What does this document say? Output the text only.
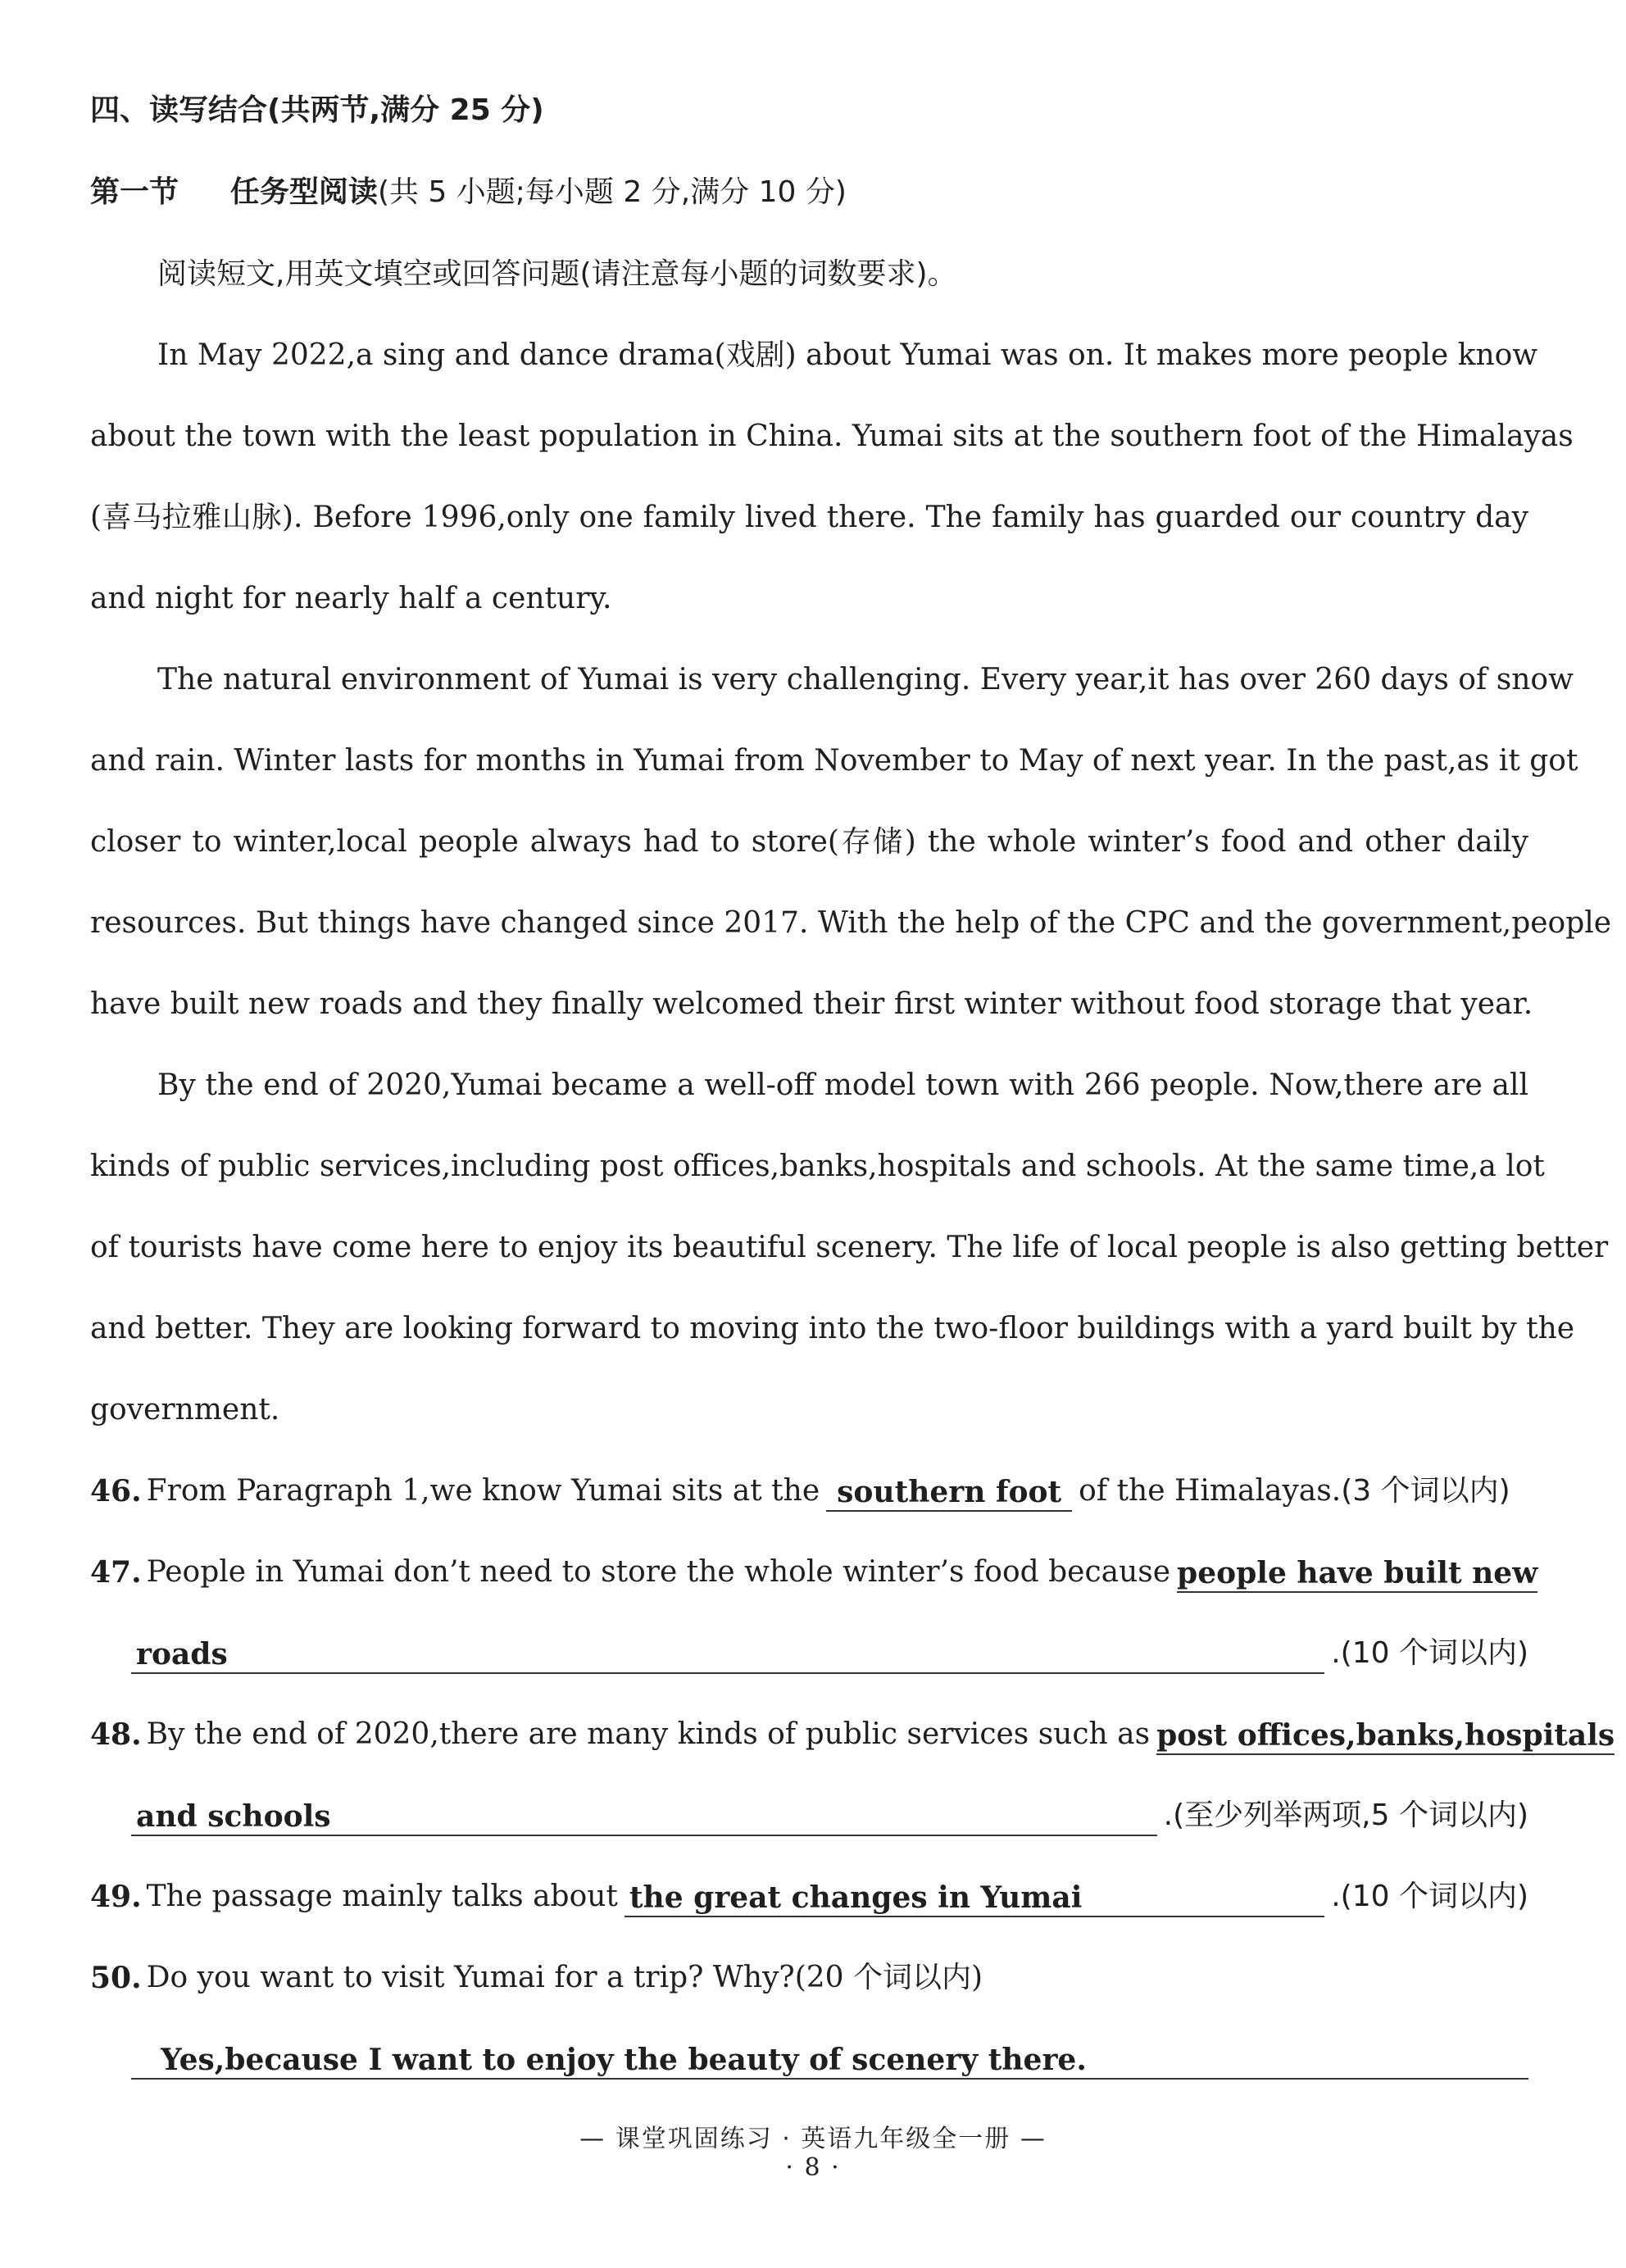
四、读写结合(共两节,满分 25 分)
第一节 任务型阅读(共 5 小题;每小题 2 分,满分 10 分)
阅读短文,用英文填空或回答问题(请注意每小题的词数要求)。
In May 2022,a sing and dance drama(戏剧) about Yumai was on. It makes more people know
about the town with the least population in China. Yumai sits at the southern foot of the Himalayas
(喜马拉雅山脉). Before 1996,only one family lived there. The family has guarded our country day
and night for nearly half a century.
The natural environment of Yumai is very challenging. Every year,it has over 260 days of snow
and rain. Winter lasts for months in Yumai from November to May of next year. In the past,as it got
closer to winter,local people always had to store(存储) the whole winter’s food and other daily
resources. But things have changed since 2017. With the help of the CPC and the government,people
have built new roads and they finally welcomed their first winter without food storage that year.
By the end of 2020,Yumai became a well-off model town with 266 people. Now,there are all
kinds of public services,including post offices,banks,hospitals and schools. At the same time,a lot
of tourists have come here to enjoy its beautiful scenery. The life of local people is also getting better
and better. They are looking forward to moving into the two-floor buildings with a yard built by the
government.
46. From Paragraph 1,we know Yumai sits at the southern foot of the Himalayas. (3 个词以内)
47. People in Yumai don’t need to store the whole winter’s food because people have built new
roads	.(10 个词以内)
48. By the end of 2020,there are many kinds of public services such as post offices,banks,hospitals
and schools	.(至少列举两项,5 个词以内)
49. The passage mainly talks about the great changes in Yumai	.(10 个词以内)
50. Do you want to visit Yumai for a trip? Why?(20 个词以内)
Yes,because I want to enjoy the beauty of scenery there.
— 课堂巩固练习 · 英语九年级全一册 —
· 8 ·
